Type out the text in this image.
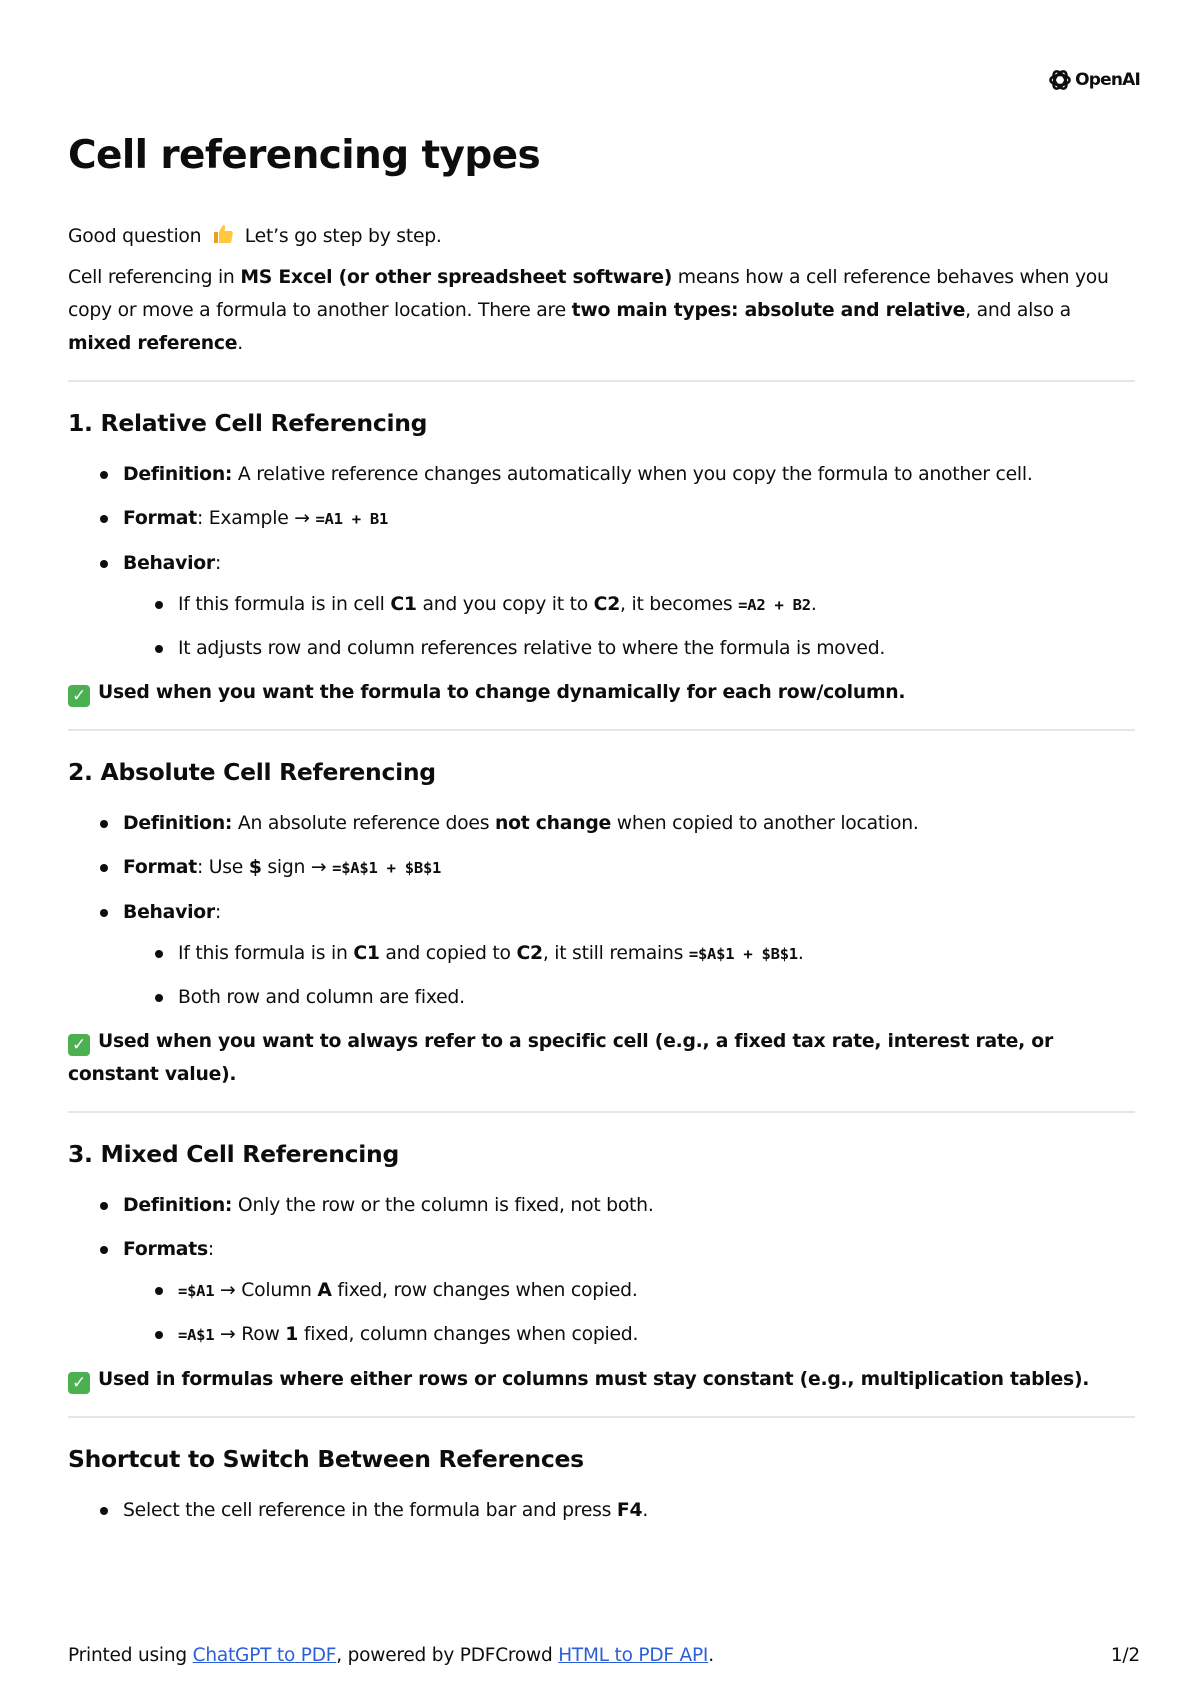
OpenAI
Cell referencing types

Good question Let’s go step by step.

Cell referencing in MS Excel (or other spreadsheet software) means how a cell reference behaves when you copy or move a formula to another location. There are two main types: absolute and relative, and also a mixed reference.

1. Relative Cell Referencing
Definition: A relative reference changes automatically when you copy the formula to another cell.
Format: Example → =A1 + B1
Behavior:
If this formula is in cell C1 and you copy it to C2, it becomes =A2 + B2.
It adjusts row and column references relative to where the formula is moved.

✓ Used when you want the formula to change dynamically for each row/column.

2. Absolute Cell Referencing
Definition: An absolute reference does not change when copied to another location.
Format: Use $ sign → =$A$1 + $B$1
Behavior:
If this formula is in C1 and copied to C2, it still remains =$A$1 + $B$1.
Both row and column are fixed.

✓ Used when you want to always refer to a specific cell (e.g., a fixed tax rate, interest rate, or constant value).

3. Mixed Cell Referencing
Definition: Only the row or the column is fixed, not both.
Formats:
=$A1 → Column A fixed, row changes when copied.
=A$1 → Row 1 fixed, column changes when copied.

✓ Used in formulas where either rows or columns must stay constant (e.g., multiplication tables).

Shortcut to Switch Between References
Select the cell reference in the formula bar and press F4.
Printed using ChatGPT to PDF, powered by PDFCrowd HTML to PDF API.	1/2
